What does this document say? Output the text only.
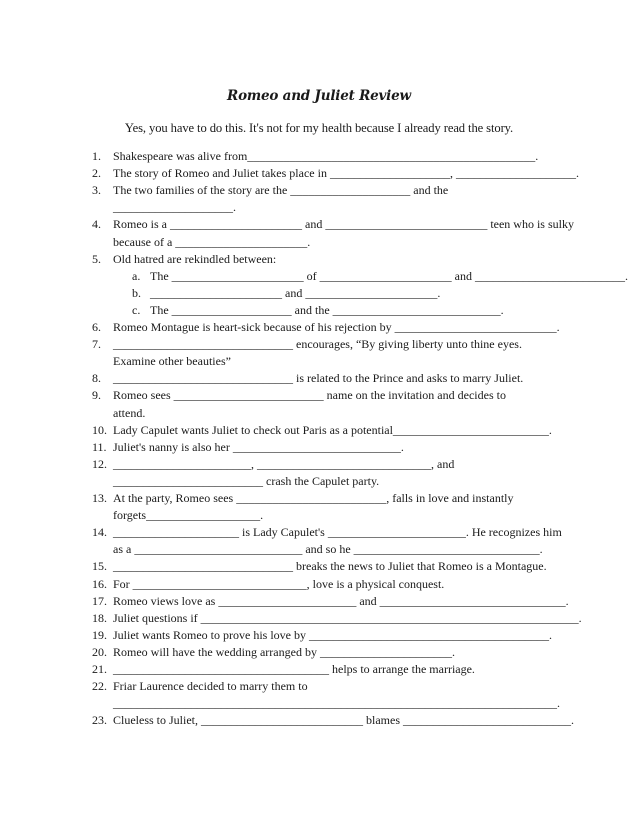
Romeo and Juliet Review
Yes, you have to do this. It's not for my health because I already read the story.
1. Shakespeare was alive from________________________________________________.
2. The story of Romeo and Juliet takes place in ____________________, ____________________.
3. The two families of the story are the ____________________ and the
____________________.
4. Romeo is a ______________________ and ___________________________ teen who is sulky
because of a ______________________.
5. Old hatred are rekindled between:
a. The ______________________ of ______________________ and _________________________.
b. ______________________ and ______________________.
c. The ____________________ and the ____________________________.
6. Romeo Montague is heart-sick because of his rejection by ___________________________.
7. ______________________________ encourages, “By giving liberty unto thine eyes.
Examine other beauties”
8. ______________________________ is related to the Prince and asks to marry Juliet.
9. Romeo sees _________________________ name on the invitation and decides to
attend.
10. Lady Capulet wants Juliet to check out Paris as a potential__________________________.
11. Juliet's nanny is also her ____________________________.
12. _______________________, _____________________________, and
_________________________ crash the Capulet party.
13. At the party, Romeo sees _________________________, falls in love and instantly
forgets___________________.
14. _____________________ is Lady Capulet's _______________________. He recognizes him
as a ____________________________ and so he _______________________________.
15. ______________________________ breaks the news to Juliet that Romeo is a Montague.
16. For _____________________________, love is a physical conquest.
17. Romeo views love as _______________________ and _______________________________.
18. Juliet questions if _______________________________________________________________.
19. Juliet wants Romeo to prove his love by ________________________________________.
20. Romeo will have the wedding arranged by ______________________.
21. ____________________________________ helps to arrange the marriage.
22. Friar Laurence decided to marry them to
__________________________________________________________________________.
23. Clueless to Juliet, ___________________________ blames ____________________________.
